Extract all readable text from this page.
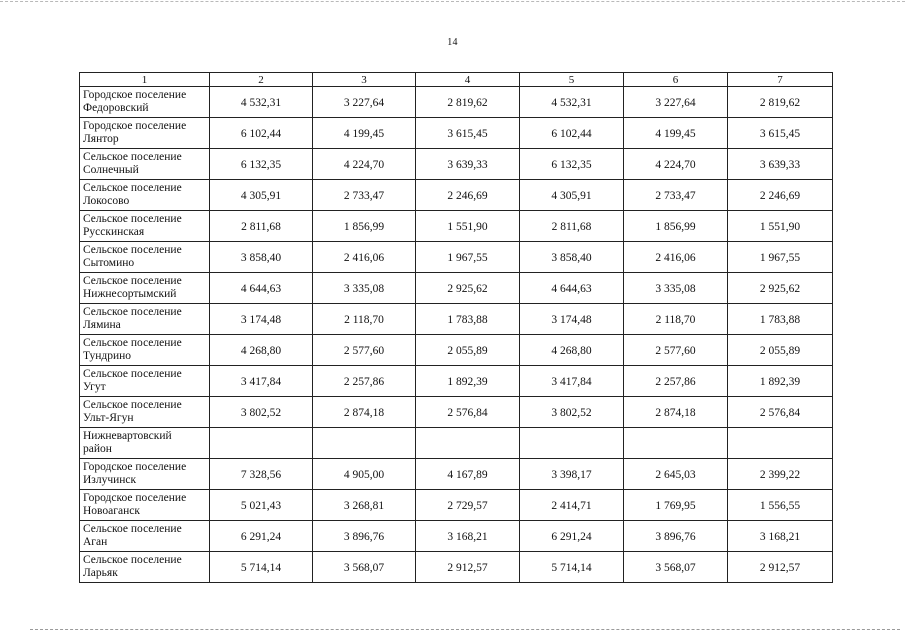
14
1	2	3	4	5	6	7

Городское поселение
Федоровский	4 532,31	3 227,64	2 819,62	4 532,31	3 227,64	2 819,62

Городское поселение
Лянтор	6 102,44	4 199,45	3 615,45	6 102,44	4 199,45	3 615,45

Сельское поселение
Солнечный	6 132,35	4 224,70	3 639,33	6 132,35	4 224,70	3 639,33

Сельское поселение
Локосово	4 305,91	2 733,47	2 246,69	4 305,91	2 733,47	2 246,69

Сельское поселение
Русскинская	2 811,68	1 856,99	1 551,90	2 811,68	1 856,99	1 551,90

Сельское поселение
Сытомино	3 858,40	2 416,06	1 967,55	3 858,40	2 416,06	1 967,55

Сельское поселение
Нижнесортымский	4 644,63	3 335,08	2 925,62	4 644,63	3 335,08	2 925,62

Сельское поселение
Лямина	3 174,48	2 118,70	1 783,88	3 174,48	2 118,70	1 783,88

Сельское поселение
Тундрино	4 268,80	2 577,60	2 055,89	4 268,80	2 577,60	2 055,89

Сельское поселение
Угут	3 417,84	2 257,86	1 892,39	3 417,84	2 257,86	1 892,39

Сельское поселение
Ульт-Ягун	3 802,52	2 874,18	2 576,84	3 802,52	2 874,18	2 576,84

Нижневартовский
район						

Городское поселение
Излучинск	7 328,56	4 905,00	4 167,89	3 398,17	2 645,03	2 399,22

Городское поселение
Новоаганск	5 021,43	3 268,81	2 729,57	2 414,71	1 769,95	1 556,55

Сельское поселение
Аган	6 291,24	3 896,76	3 168,21	6 291,24	3 896,76	3 168,21

Сельское поселение
Ларьяк	5 714,14	3 568,07	2 912,57	5 714,14	3 568,07	2 912,57
